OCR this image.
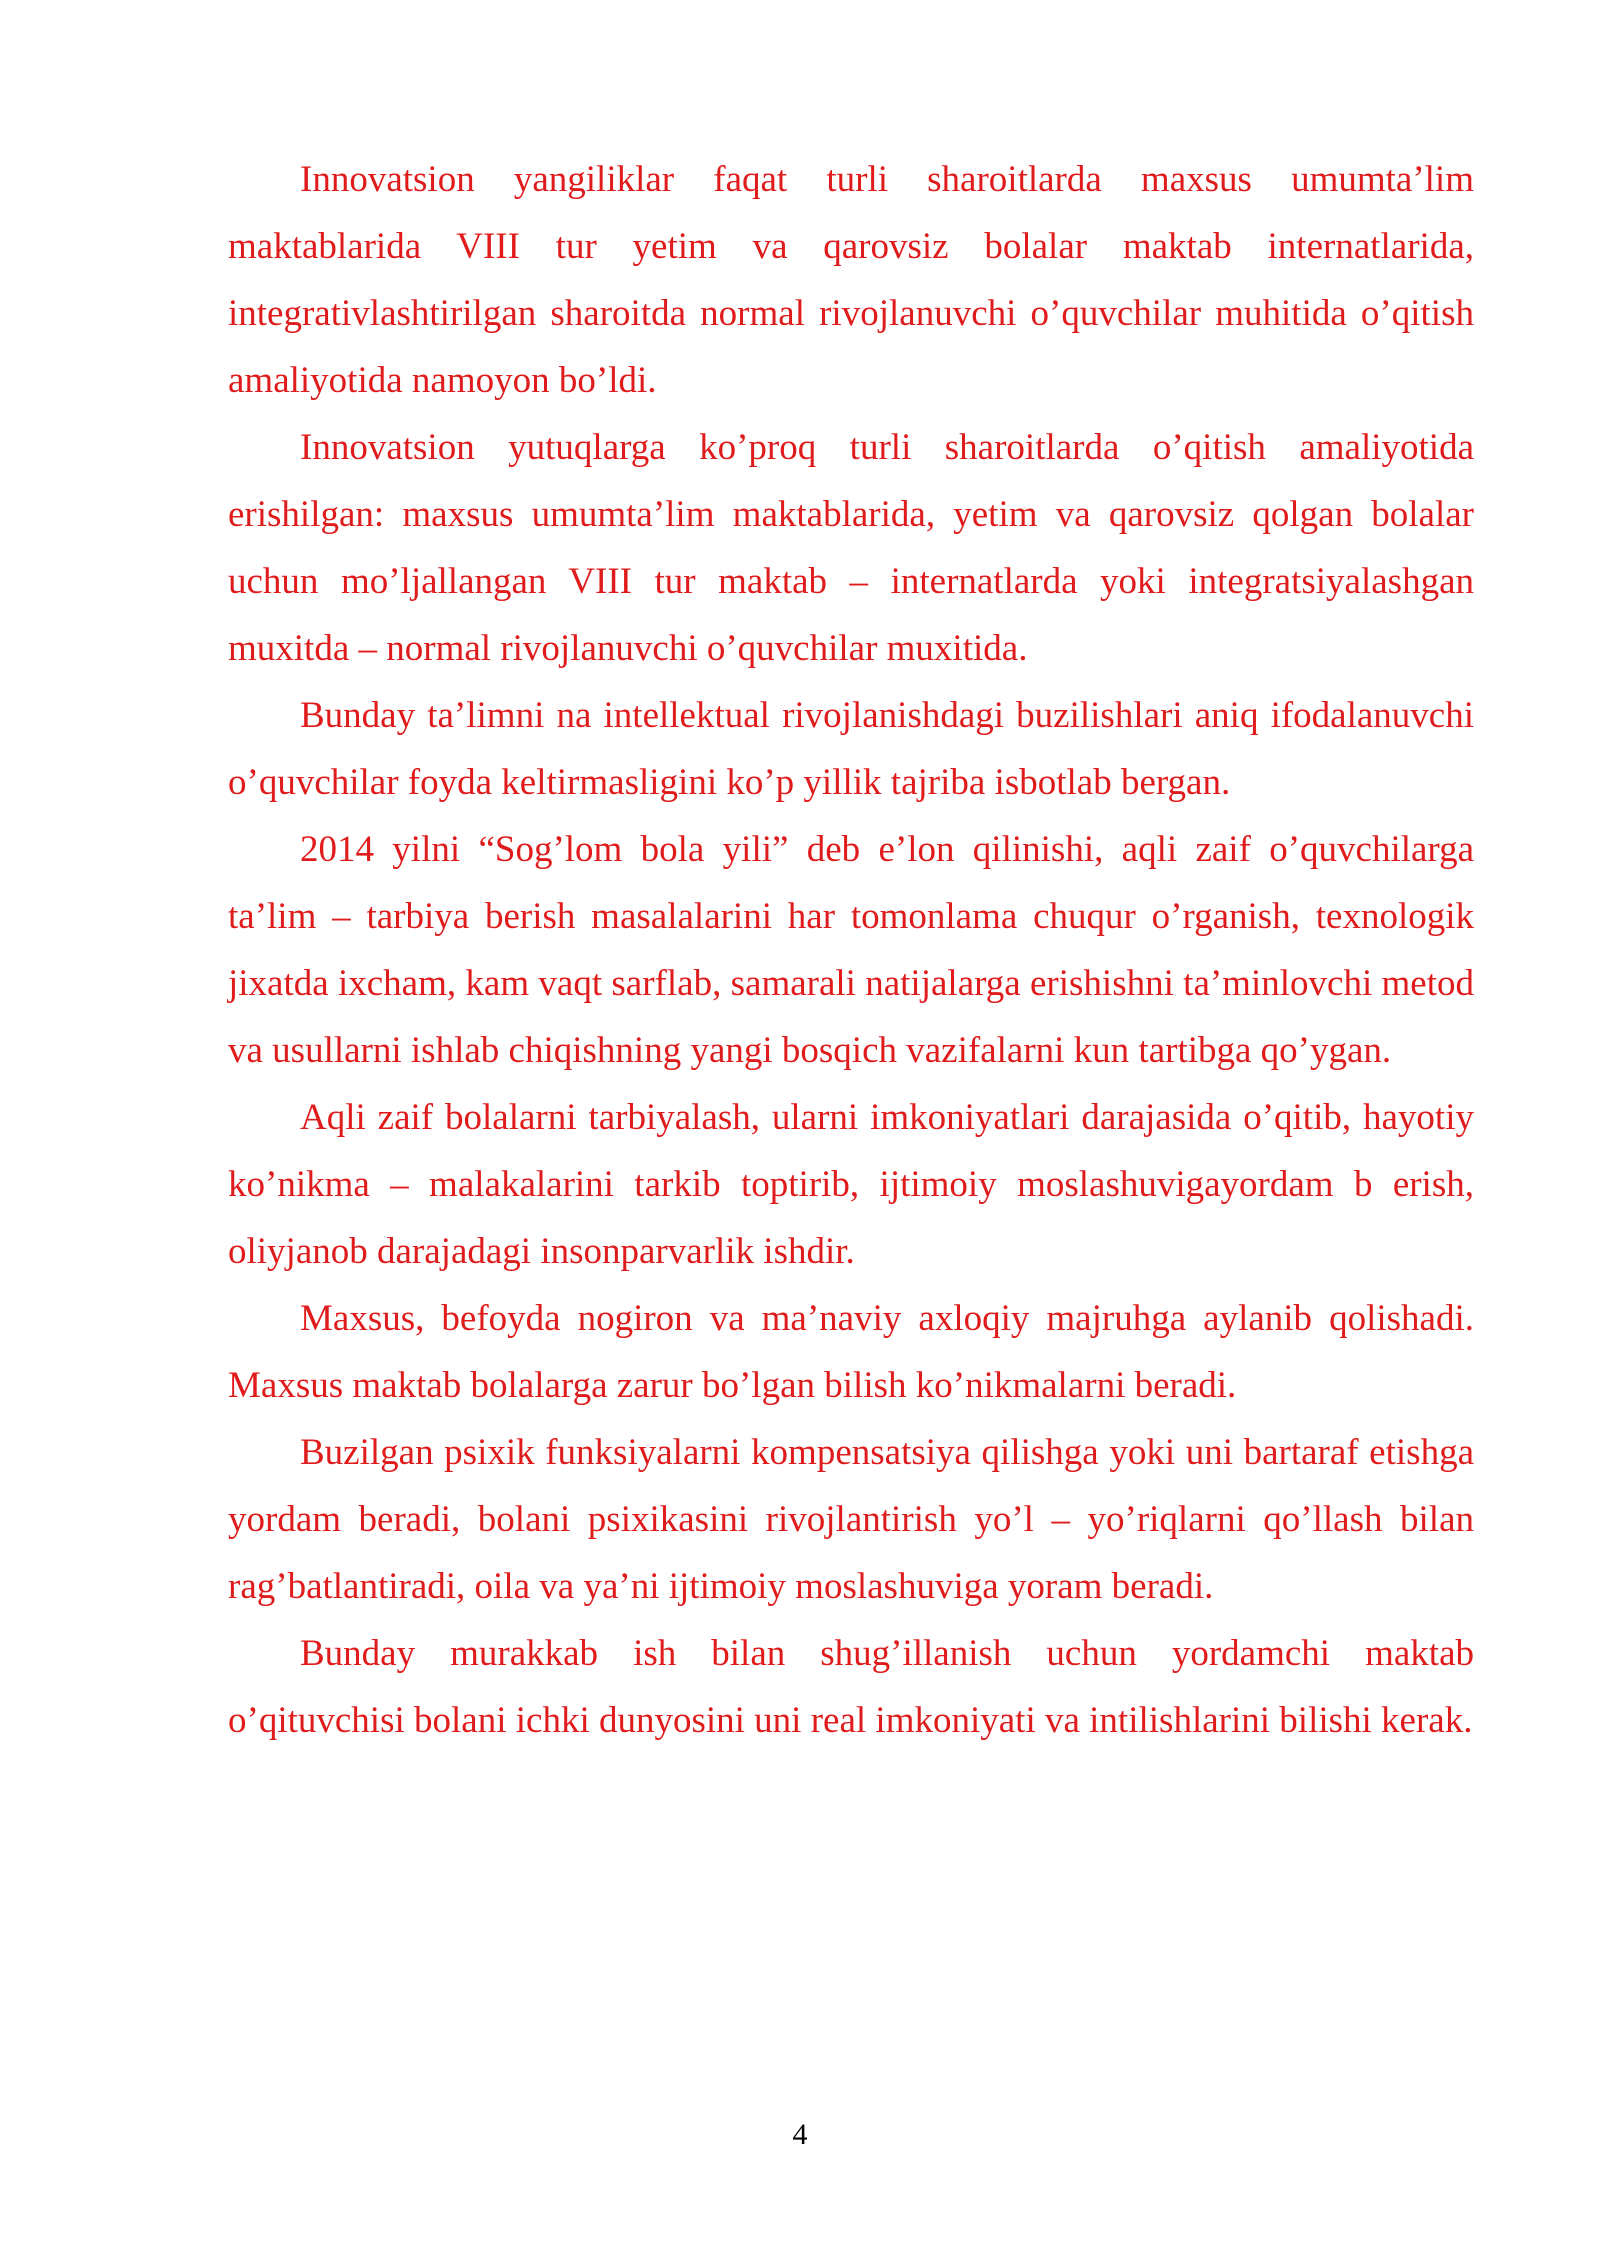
Innovatsion yangiliklar faqat turli sharoitlarda maxsus umumta’lim maktablarida VIII tur yetim va qarovsiz bolalar maktab internatlarida, integrativlashtirilgan sharoitda normal rivojlanuvchi o’quvchilar muhitida o’qitish amaliyotida namoyon bo’ldi.

Innovatsion yutuqlarga ko’proq turli sharoitlarda o’qitish amaliyotida erishilgan: maxsus umumta’lim maktablarida, yetim va qarovsiz qolgan bolalar uchun mo’ljallangan VIII tur maktab – internatlarda yoki integratsiyalashgan muxitda – normal rivojlanuvchi o’quvchilar muxitida.

Bunday ta’limni na intellektual rivojlanishdagi buzilishlari aniq ifodalanuvchi o’quvchilar foyda keltirmasligini ko’p yillik tajriba isbotlab bergan.

2014 yilni “Sog’lom bola yili” deb e’lon qilinishi, aqli zaif o’quvchilarga ta’lim – tarbiya berish masalalarini har tomonlama chuqur o’rganish, texnologik jixatda ixcham, kam vaqt sarflab, samarali natijalarga erishishni ta’minlovchi metod va usullarni ishlab chiqishning yangi bosqich vazifalarni kun tartibga qo’ygan.

Aqli zaif bolalarni tarbiyalash, ularni imkoniyatlari darajasida o’qitib, hayotiy ko’nikma – malakalarini tarkib toptirib, ijtimoiy moslashuvigayordam b erish, oliyjanob darajadagi insonparvarlik ishdir.

Maxsus, befoyda nogiron va ma’naviy axloqiy majruhga aylanib qolishadi. Maxsus maktab bolalarga zarur bo’lgan bilish ko’nikmalarni beradi.

Buzilgan psixik funksiyalarni kompensatsiya qilishga yoki uni bartaraf etishga yordam beradi, bolani psixikasini rivojlantirish yo’l – yo’riqlarni qo’llash bilan rag’batlantiradi, oila va ya’ni ijtimoiy moslashuviga yoram beradi.

Bunday murakkab ish bilan shug’illanish uchun yordamchi maktab o’qituvchisi bolani ichki dunyosini uni real imkoniyati va intilishlarini bilishi kerak.

4
